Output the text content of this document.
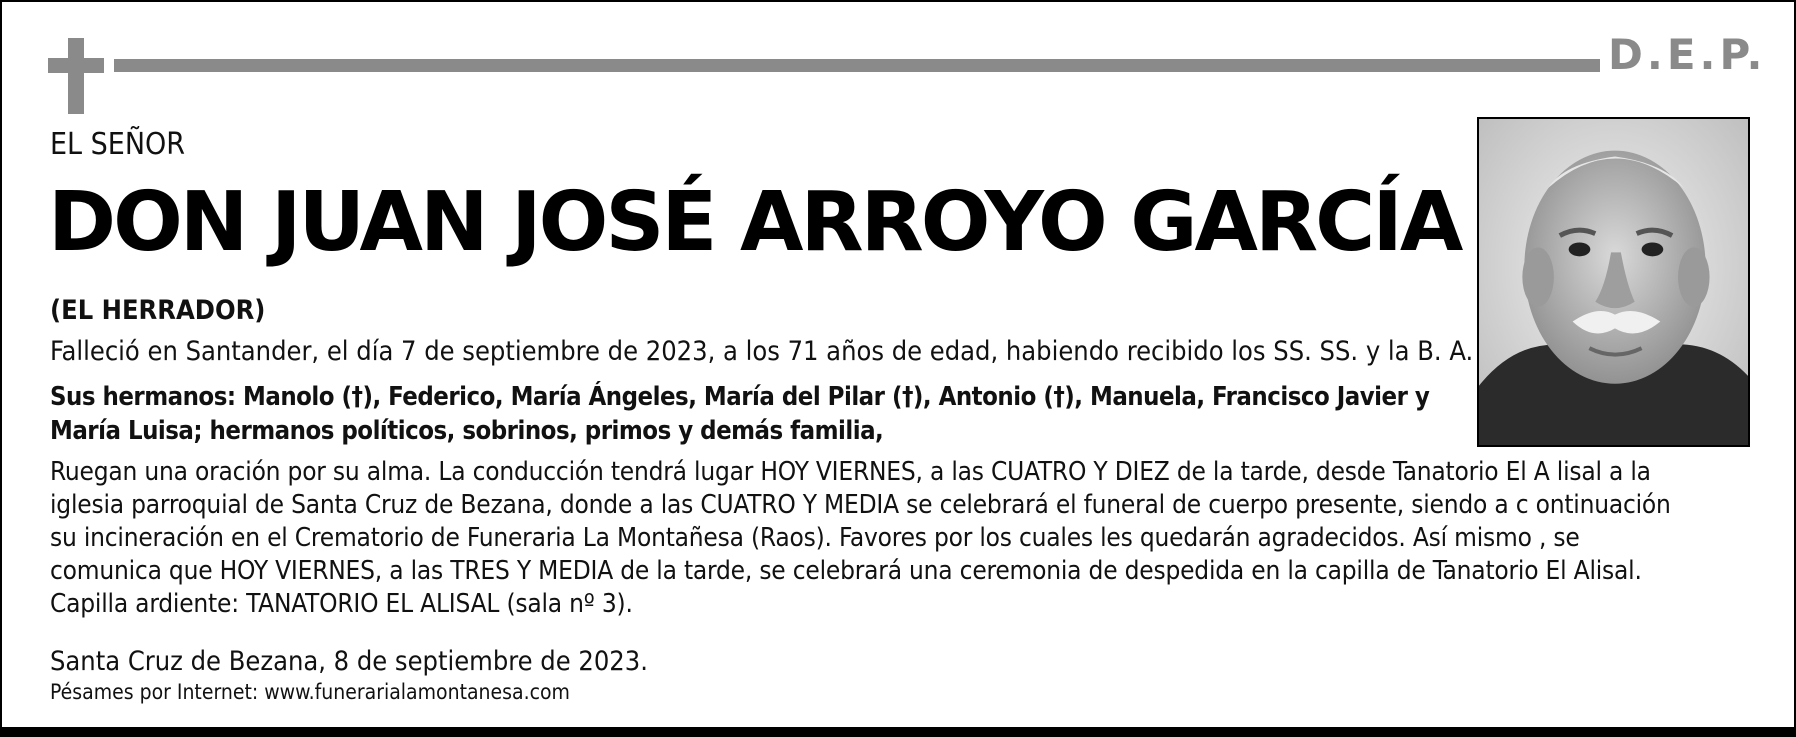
D.E.P.
EL SEÑOR
DON JUAN JOSÉ ARROYO GARCÍA
(EL HERRADOR)
Falleció en Santander, el día 7 de septiembre de 2023, a los 71 años de edad, habiendo recibido los SS. SS. y la B. A.
Sus hermanos: Manolo (†), Federico, María Ángeles, María del Pilar (†), Antonio (†), Manuela, Francisco Javier y
María Luisa; hermanos políticos, sobrinos, primos y demás familia,
Ruegan una oración por su alma. La conducción tendrá lugar HOY VIERNES, a las CUATRO Y DIEZ de la tarde, desde Tanatorio El A lisal a la
iglesia parroquial de Santa Cruz de Bezana, donde a las CUATRO Y MEDIA se celebrará el funeral de cuerpo presente, siendo a c ontinuación
su incineración en el Crematorio de Funeraria La Montañesa (Raos). Favores por los cuales les quedarán agradecidos. Así mismo , se
comunica que HOY VIERNES, a las TRES Y MEDIA de la tarde, se celebrará una ceremonia de despedida en la capilla de Tanatorio El Alisal.
Capilla ardiente: TANATORIO EL ALISAL (sala nº 3).
Santa Cruz de Bezana, 8 de septiembre de 2023.
Pésames por Internet: www.funerarialamontanesa.com
